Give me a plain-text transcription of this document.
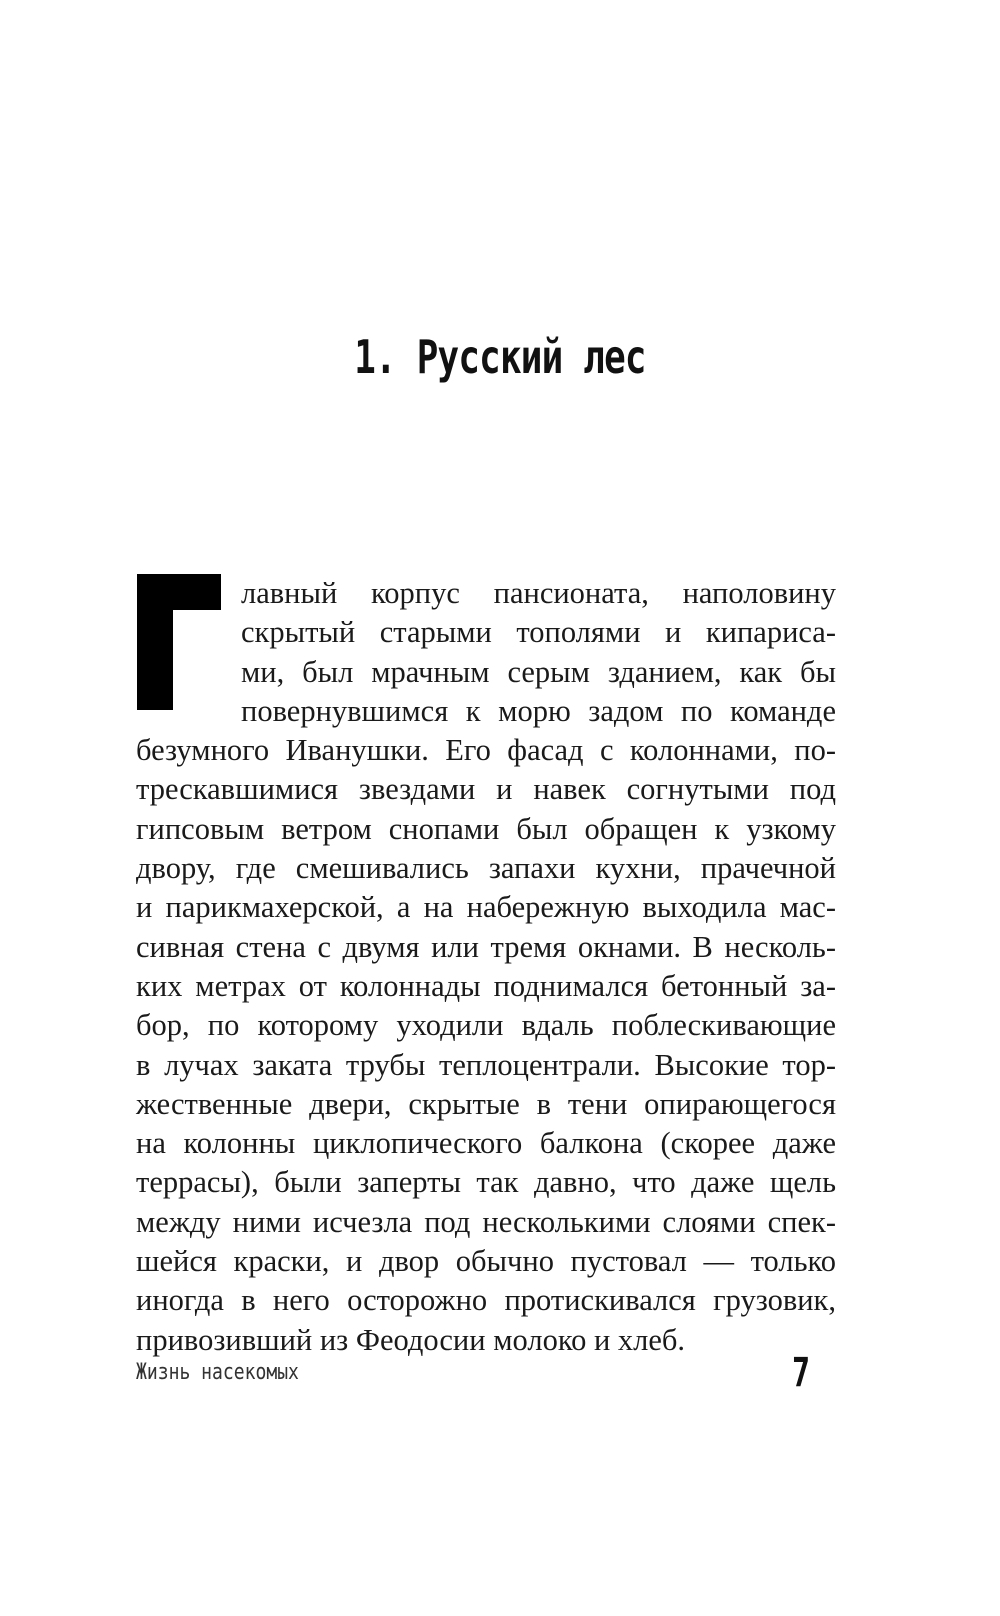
1. Русский лес
лавный корпус пансионата, наполовину
скрытый старыми тополями и кипариса-
ми, был мрачным серым зданием, как бы
повернувшимся к морю задом по команде
безумного Иванушки. Его фасад с колоннами, по-
трескавшимися звездами и навек согнутыми под
гипсовым ветром снопами был обращен к узкому
двору, где смешивались запахи кухни, прачечной
и парикмахерской, а на набережную выходила мас-
сивная стена с двумя или тремя окнами. В несколь-
ких метрах от колоннады поднимался бетонный за-
бор, по которому уходили вдаль поблескивающие
в лучах заката трубы теплоцентрали. Высокие тор-
жественные двери, скрытые в тени опирающегося
на колонны циклопического балкона (скорее даже
террасы), были заперты так давно, что даже щель
между ними исчезла под несколькими слоями спек-
шейся краски, и двор обычно пустовал — только
иногда в него осторожно протискивался грузовик,
привозивший из Феодосии молоко и хлеб.
Жизнь насекомых	7
